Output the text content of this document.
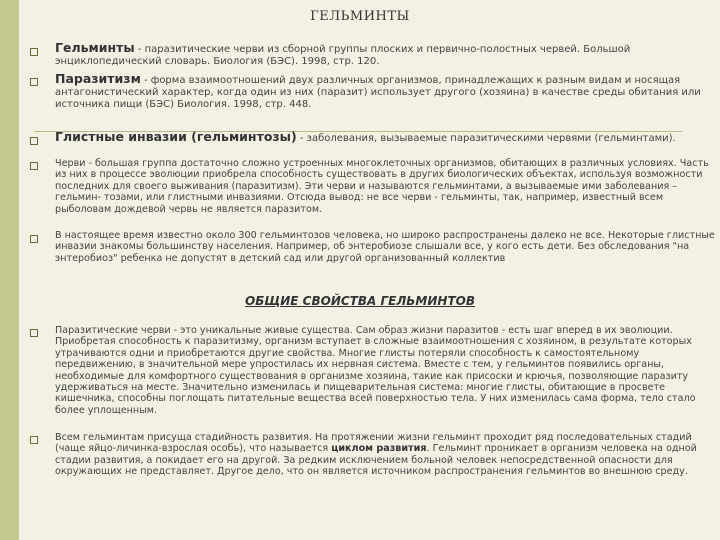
ГЕЛЬМИНТЫ
Гельминты - паразитические черви из сборной группы плоских и первично-полостных червей. Большой энциклопедический словарь. Биология (БЭС). 1998, стр. 120.
Паразитизм - форма взаимоотношений двух различных организмов, принадлежащих к разным видам и носящая антагонистический характер, когда один из них (паразит) использует другого (хозяина) в качестве среды обитания или источника пищи (БЭС) Биология. 1998, стр. 448.
Глистные инвазии (гельминтозы) - заболевания, вызываемые паразитическими червями (гельминтами).
Черви - большая группа достаточно сложно устроенных многоклеточных организмов, обитающих в различных условиях. Часть из них в процессе эволюции приобрела способность существовать в других биологических объектах, используя возможности последних для своего выживания (паразитизм). Эти черви и называются гельминтами, а вызываемые ими заболевания – гельмин- тозами, или глистными инвазиями. Отсюда вывод: не все черви - гельминты, так, например, известный всем рыболовам дождевой червь не является паразитом.
В настоящее время известно около 300 гельминтозов человека, но широко распространены далеко не все. Некоторые глистные инвазии знакомы большинству населения. Например, об энтеробиозе слышали все, у кого есть дети. Без обследования "на энтеробиоз" ребенка не допустят в детский сад или другой организованный коллектив
ОБЩИЕ СВОЙСТВА ГЕЛЬМИНТОВ
Паразитические черви - это уникальные живые существа. Сам образ жизни паразитов - есть шаг вперед в их эволюции. Приобретая способность к паразитизму, организм вступает в сложные взаимоотношения с хозяином, в результате которых утрачиваются одни и приобретаются другие свойства. Многие глисты потеряли способность к самостоятельному передвижению, в значительной мере упростилась их нервная система. Вместе с тем, у гельминтов появились органы, необходимые для комфортного существования в организме хозяина, такие как присоски и крючья, позволяющие паразиту удерживаться на месте. Значительно изменилась и пищеварительная система: многие глисты, обитающие в просвете кишечника, способны поглощать питательные вещества всей поверхностью тела. У них изменилась сама форма, тело стало более уплощенным.
Всем гельминтам присуща стадийность развития. На протяжении жизни гельминт проходит ряд последовательных стадий (чаще яйцо-личинка-взрослая особь), что называется циклом развития. Гельминт проникает в организм человека на одной стадии развития, а покидает его на другой. За редким исключением больной человек непосредственной опасности для окружающих не представляет. Другое дело, что он является источником распространения гельминтов во внешнюю среду.
